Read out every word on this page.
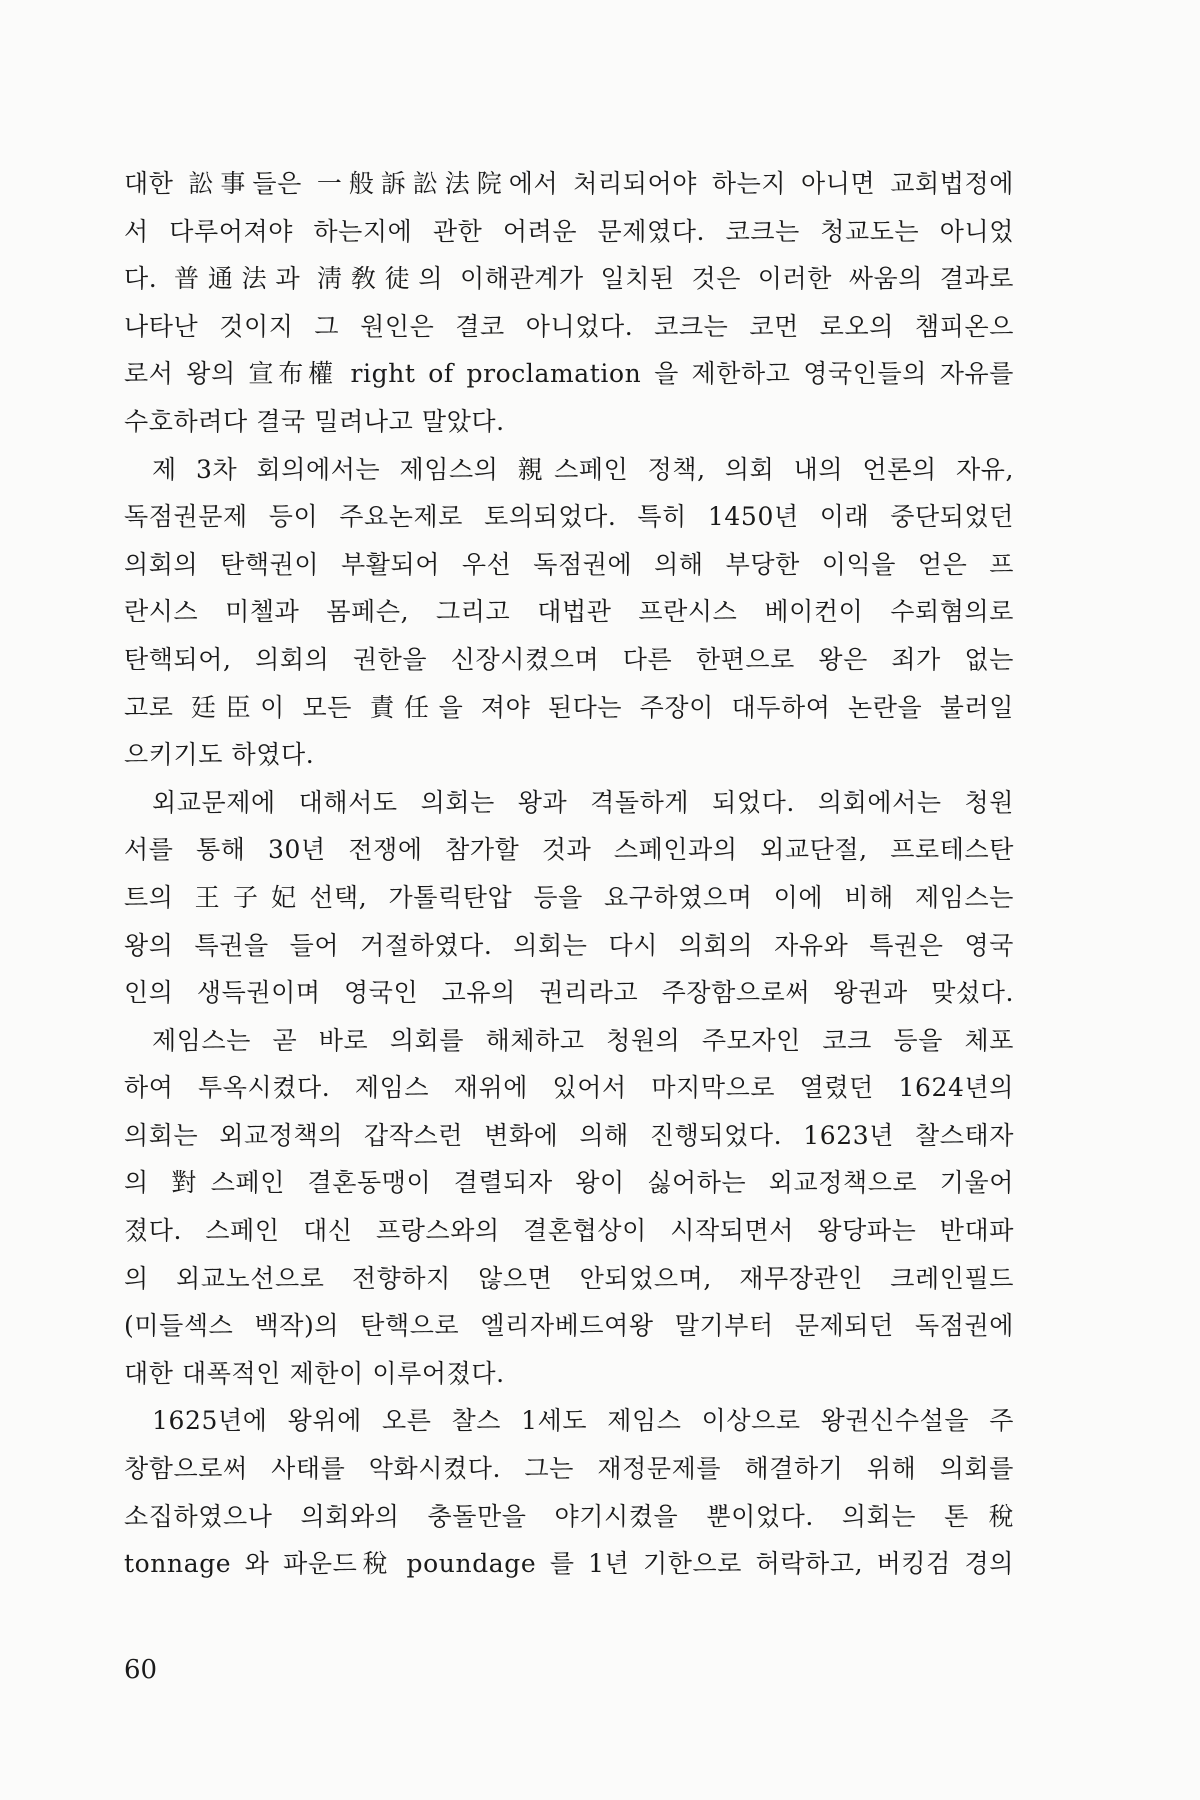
대한 訟事들은 一般訴訟法院에서 처리되어야 하는지 아니면 교회법정에
서 다루어져야 하는지에 관한 어려운 문제였다. 코크는 청교도는 아니었
다. 普通法과 淸敎徒의 이해관계가 일치된 것은 이러한 싸움의 결과로
나타난 것이지 그 원인은 결코 아니었다. 코크는 코먼 로오의 챔피온으
로서 왕의 宣布權 right of proclamation 을 제한하고 영국인들의 자유를
수호하려다 결국 밀려나고 말았다.
제 3차 회의에서는 제임스의 親스페인 정책, 의회 내의 언론의 자유,
독점권문제 등이 주요논제로 토의되었다. 특히 1450년 이래 중단되었던
의회의 탄핵권이 부활되어 우선 독점권에 의해 부당한 이익을 얻은 프
란시스 미첼과 몸페슨, 그리고 대법관 프란시스 베이컨이 수뢰혐의로
탄핵되어, 의회의 권한을 신장시켰으며 다른 한편으로 왕은 죄가 없는
고로 廷臣이 모든 責任을 져야 된다는 주장이 대두하여 논란을 불러일
으키기도 하였다.
외교문제에 대해서도 의회는 왕과 격돌하게 되었다. 의회에서는 청원
서를 통해 30년 전쟁에 참가할 것과 스페인과의 외교단절, 프로테스탄
트의 王子妃선택, 가톨릭탄압 등을 요구하였으며 이에 비해 제임스는
왕의 특권을 들어 거절하였다. 의회는 다시 의회의 자유와 특권은 영국
인의 생득권이며 영국인 고유의 권리라고 주장함으로써 왕권과 맞섰다.
제임스는 곧 바로 의회를 해체하고 청원의 주모자인 코크 등을 체포
하여 투옥시켰다. 제임스 재위에 있어서 마지막으로 열렸던 1624년의
의회는 외교정책의 갑작스런 변화에 의해 진행되었다. 1623년 찰스태자
의 對스페인 결혼동맹이 결렬되자 왕이 싫어하는 외교정책으로 기울어
졌다. 스페인 대신 프랑스와의 결혼협상이 시작되면서 왕당파는 반대파
의 외교노선으로 전향하지 않으면 안되었으며, 재무장관인 크레인필드
(미들섹스 백작)의 탄핵으로 엘리자베드여왕 말기부터 문제되던 독점권에
대한 대폭적인 제한이 이루어졌다.
1625년에 왕위에 오른 찰스 1세도 제임스 이상으로 왕권신수설을 주
창함으로써 사태를 악화시켰다. 그는 재정문제를 해결하기 위해 의회를
소집하였으나 의회와의 충돌만을 야기시켰을 뿐이었다. 의회는 톤稅
tonnage 와 파운드稅 poundage 를 1년 기한으로 허락하고, 버킹검 경의
60
